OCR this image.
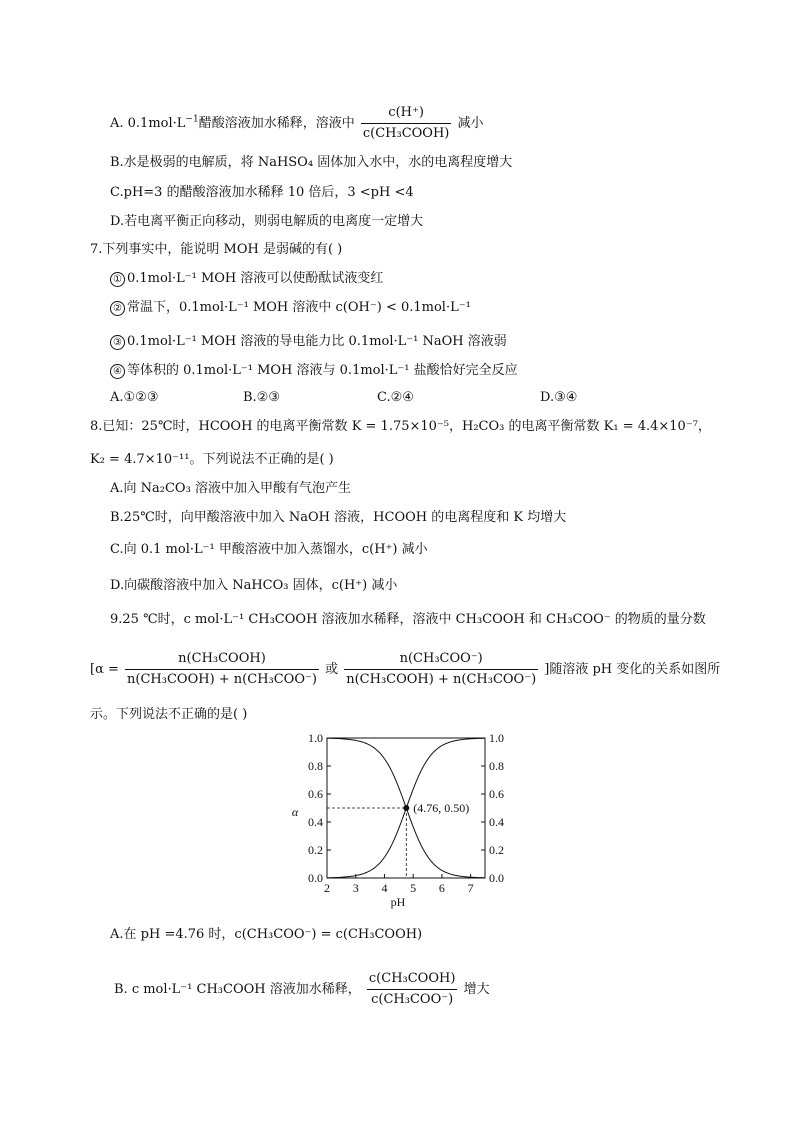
A. $0.1mol\cdot L^{-1}$醋酸溶液加水稀释，溶液中 $\frac{c(H^+)}{\text{c(CH₃COOH)}}$ 减小
B.水是极弱的电解质，将 NaHSO₄ 固体加入水中，水的电离程度增大
C.pH=3 的醋酸溶液加水稀释 10 倍后，3 <pH <4
D.若电离平衡正向移动，则弱电解质的电离度一定增大
7.下列事实中，能说明 MOH 是弱碱的有( )
① 0.1mol·L⁻¹ MOH 溶液可以使酚酞试液变红
② 常温下，0.1mol·L⁻¹ MOH 溶液中 c(OH⁻) < 0.1mol·L⁻¹
③ 0.1mol·L⁻¹ MOH 溶液的导电能力比 0.1mol·L⁻¹ NaOH 溶液弱
④ 等体积的 0.1mol·L⁻¹ MOH 溶液与 0.1mol·L⁻¹ 盐酸恰好完全反应
A.①②③	B.②③	C.②④	D.③④
8.已知：25℃时，HCOOH 的电离平衡常数 K = 1.75×10⁻⁵，H₂CO₃ 的电离平衡常数 K₁ = 4.4×10⁻⁷，
K₂ = 4.7×10⁻¹¹。下列说法不正确的是( )
A.向 Na₂CO₃ 溶液中加入甲酸有气泡产生
B.25℃时，向甲酸溶液中加入 NaOH 溶液，HCOOH 的电离程度和 K 均增大
C.向 0.1 mol·L⁻¹ 甲酸溶液中加入蒸馏水，c(H⁺) 减小
D.向碳酸溶液中加入 NaHCO₃ 固体，c(H⁺) 减小
9.25 ℃时，c mol·L⁻¹ CH₃COOH 溶液加水稀释，溶液中 CH₃COOH 和 CH₃COO⁻ 的物质的量分数
[$\alpha = \frac{\text{n(CH₃COOH)}}{\text{n(CH₃COOH) + n(CH₃COO⁻)}}$ 或 $\frac{\text{n(CH₃COO⁻)}}{\text{n(CH₃COOH) + n(CH₃COO⁻)}}$ ]随溶液 pH 变化的关系如图所
示。下列说法不正确的是( )
2 3 4 5 6 7
0.0	0.0
0.2	0.2
0.4	0.4
0.6	0.6
0.8	0.8
1.0	1.0
pH
α	(4.76, 0.50)
A.在 pH =4.76 时，c(CH₃COO⁻) = c(CH₃COOH)
B. c mol·L⁻¹ CH₃COOH 溶液加水稀释， $\frac{\text{c(CH₃COOH)}}{\text{c(CH₃COO⁻)}}$ 增大
